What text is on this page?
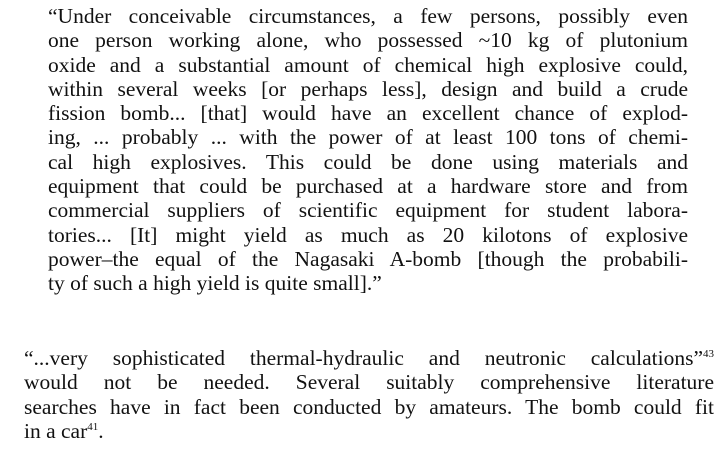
“Under conceivable circumstances, a few persons, possibly even
one person working alone, who possessed ~10 kg of plutonium
oxide and a substantial amount of chemical high explosive could,
within several weeks [or perhaps less], design and build a crude
fission bomb... [that] would have an excellent chance of explod-
ing, ... probably ... with the power of at least 100 tons of chemi-
cal high explosives. This could be done using materials and
equipment that could be purchased at a hardware store and from
commercial suppliers of scientific equipment for student labora-
tories... [It] might yield as much as 20 kilotons of explosive
power–the equal of the Nagasaki A-bomb [though the probabili-
ty of such a high yield is quite small].”
“...very sophisticated thermal-hydraulic and neutronic calculations”$^{43}$
would not be needed. Several suitably comprehensive literature
searches have in fact been conducted by amateurs. The bomb could fit
in a car$^{41}$.
